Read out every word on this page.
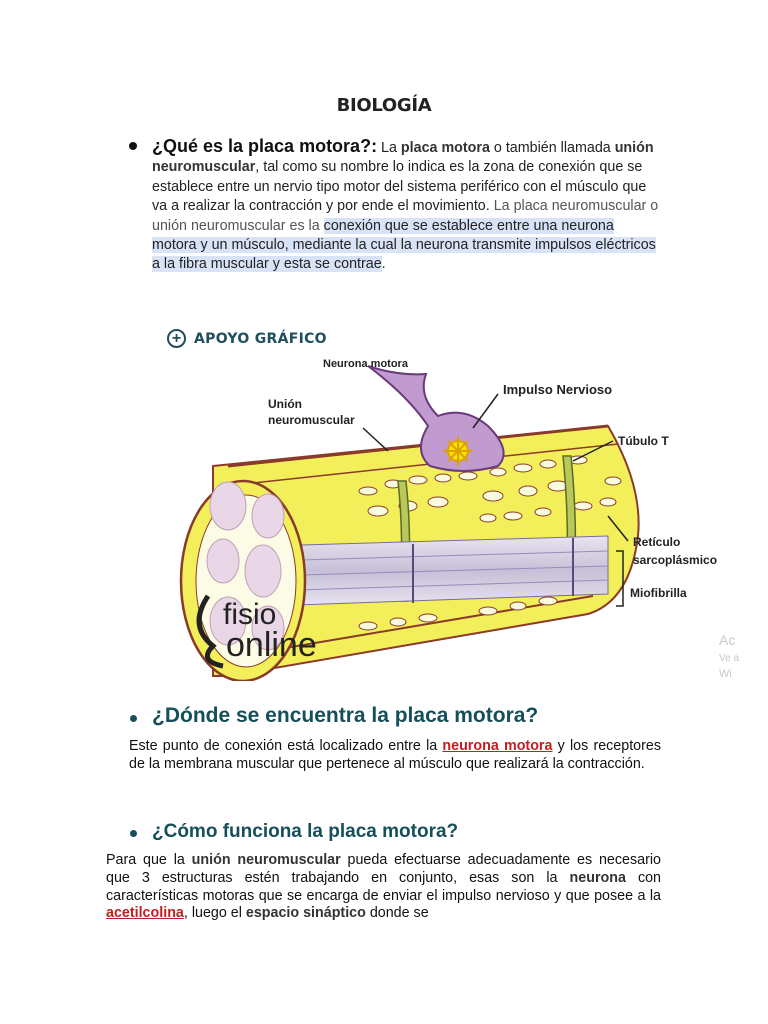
BIOLOGÍA
¿Qué es la placa motora?: La placa motora o también llamada unión neuromuscular, tal como su nombre lo indica es la zona de conexión que se establece entre un nervio tipo motor del sistema periférico con el músculo que va a realizar la contracción y por ende el movimiento. La placa neuromuscular o unión neuromuscular es la conexión que se establece entre una neurona motora y un músculo, mediante la cual la neurona transmite impulsos eléctricos a la fibra muscular y esta se contrae.
+ APOYO GRÁFICO
Neurona motora
Unión
neuromuscular
Impulso Nervioso
Túbulo T
Retículo
sarcoplásmico
Miofibrilla
fisio
online	Ac
Ve a
Wi
¿Dónde se encuentra la placa motora?
Este punto de conexión está localizado entre la neurona motora y los receptores de la membrana muscular que pertenece al músculo que realizará la contracción.
¿Cómo funciona la placa motora?
Para que la unión neuromuscular pueda efectuarse adecuadamente es necesario que 3 estructuras estén trabajando en conjunto, esas son la neurona con características motoras que se encarga de enviar el impulso nervioso y que posee a la acetilcolina, luego el espacio sináptico donde se
